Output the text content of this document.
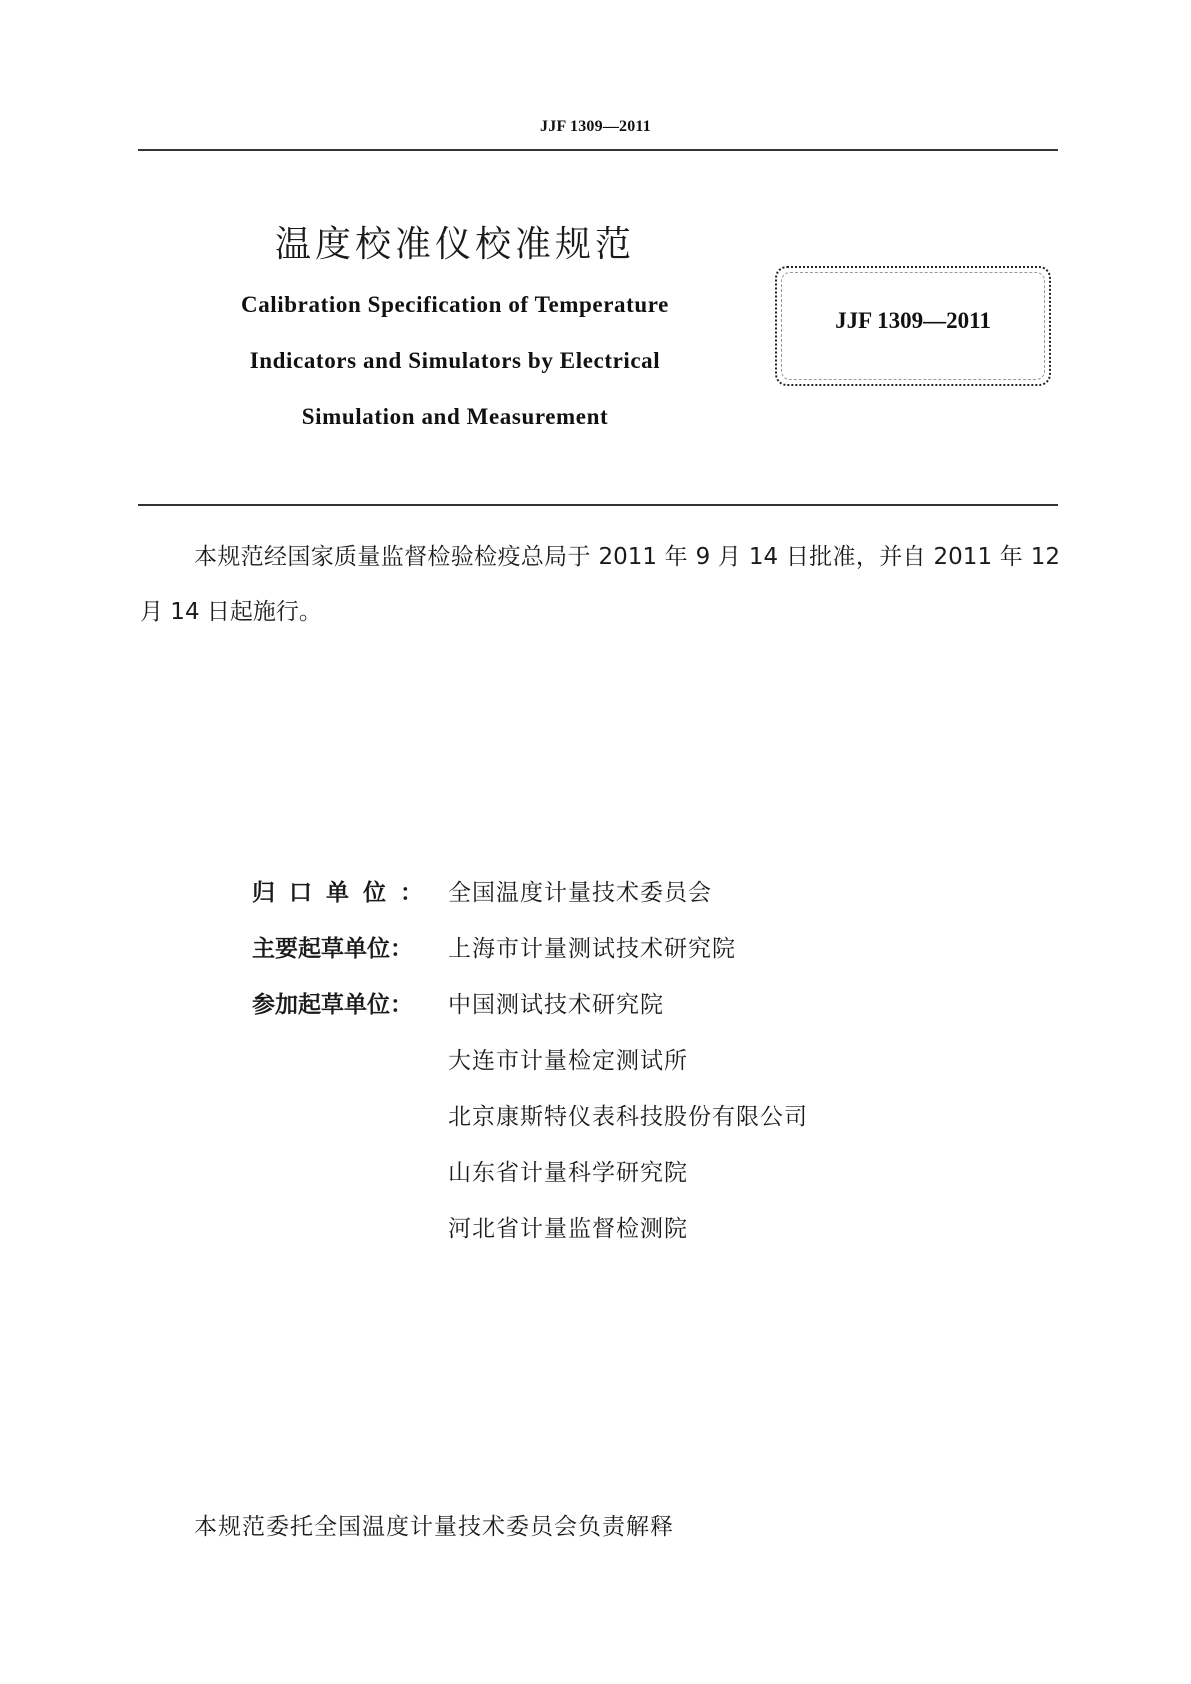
JJF 1309—2011
温度校准仪校准规范
Calibration Specification of Temperature
Indicators and Simulators by Electrical
Simulation and Measurement
JJF 1309—2011
本规范经国家质量监督检验检疫总局于 2011 年 9 月 14 日批准，并自 2011 年 12 月 14 日起施行。
归口单位： 全国温度计量技术委员会
主要起草单位：	上海市计量测试技术研究院
参加起草单位：	中国测试技术研究院
大连市计量检定测试所
北京康斯特仪表科技股份有限公司
山东省计量科学研究院
河北省计量监督检测院
本规范委托全国温度计量技术委员会负责解释
